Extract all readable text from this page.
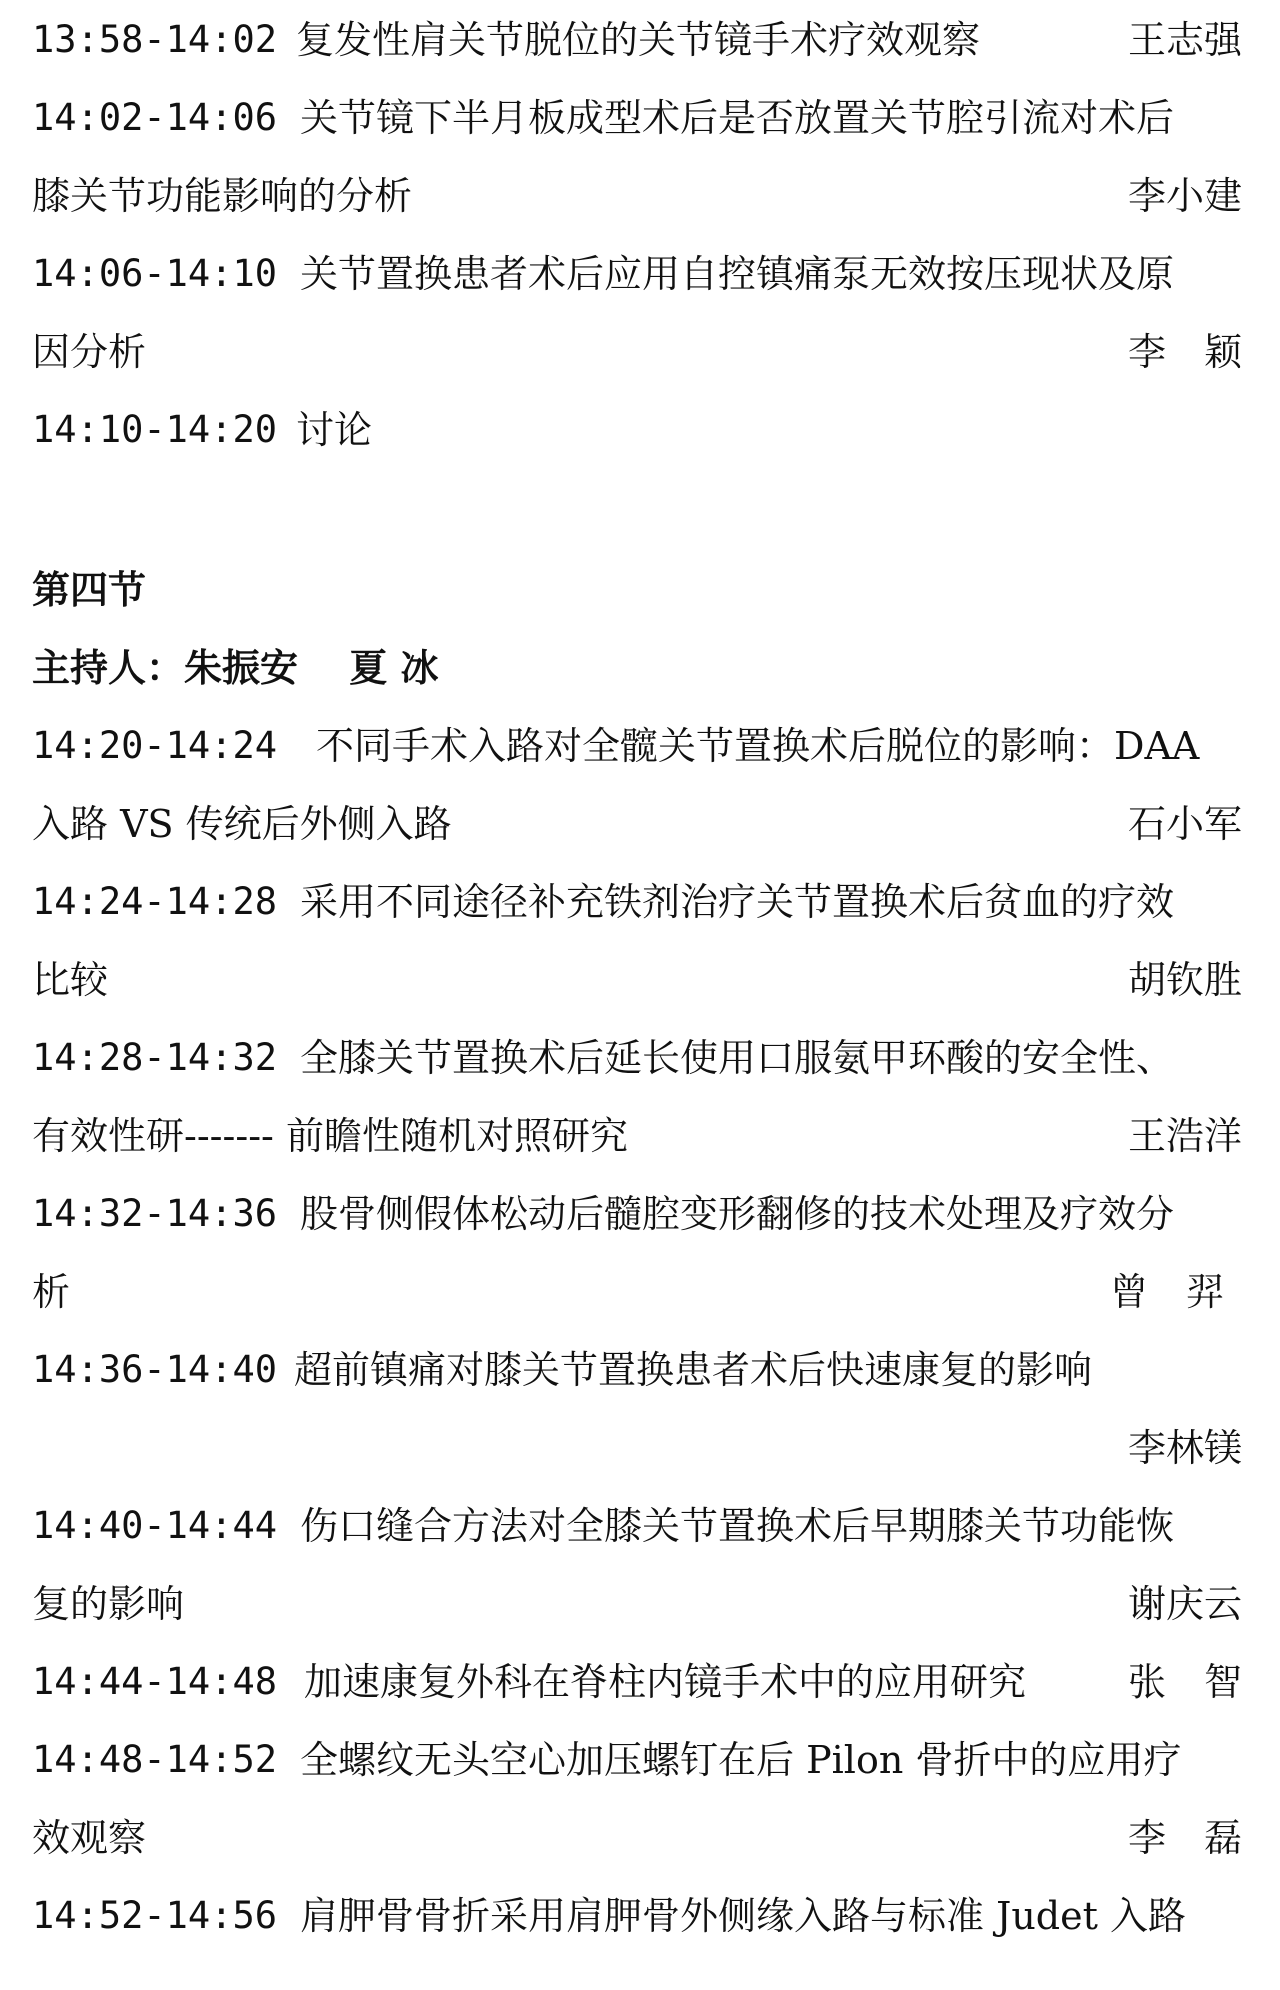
13:58-14:02 复发性肩关节脱位的关节镜手术疗效观察	王志强
14:02-14:06 关节镜下半月板成型术后是否放置关节腔引流对术后
膝关节功能影响的分析	李小建
14:06-14:10 关节置换患者术后应用自控镇痛泵无效按压现状及原
因分析	李　颖
14:10-14:20 讨论
第四节
主持人：朱振安　 夏 冰
14:20-14:24 不同手术入路对全髋关节置换术后脱位的影响：DAA
入路 VS 传统后外侧入路	石小军
14:24-14:28 采用不同途径补充铁剂治疗关节置换术后贫血的疗效
比较	胡钦胜
14:28-14:32 全膝关节置换术后延长使用口服氨甲环酸的安全性、
有效性研------- 前瞻性随机对照研究	王浩洋
14:32-14:36 股骨侧假体松动后髓腔变形翻修的技术处理及疗效分
析	曾　羿
14:36-14:40 超前镇痛对膝关节置换患者术后快速康复的影响
李林镁
14:40-14:44 伤口缝合方法对全膝关节置换术后早期膝关节功能恢
复的影响	谢庆云
14:44-14:48 加速康复外科在脊柱内镜手术中的应用研究	张　智
14:48-14:52 全螺纹无头空心加压螺钉在后 Pilon 骨折中的应用疗
效观察	李　磊
14:52-14:56 肩胛骨骨折采用肩胛骨外侧缘入路与标准 Judet 入路
